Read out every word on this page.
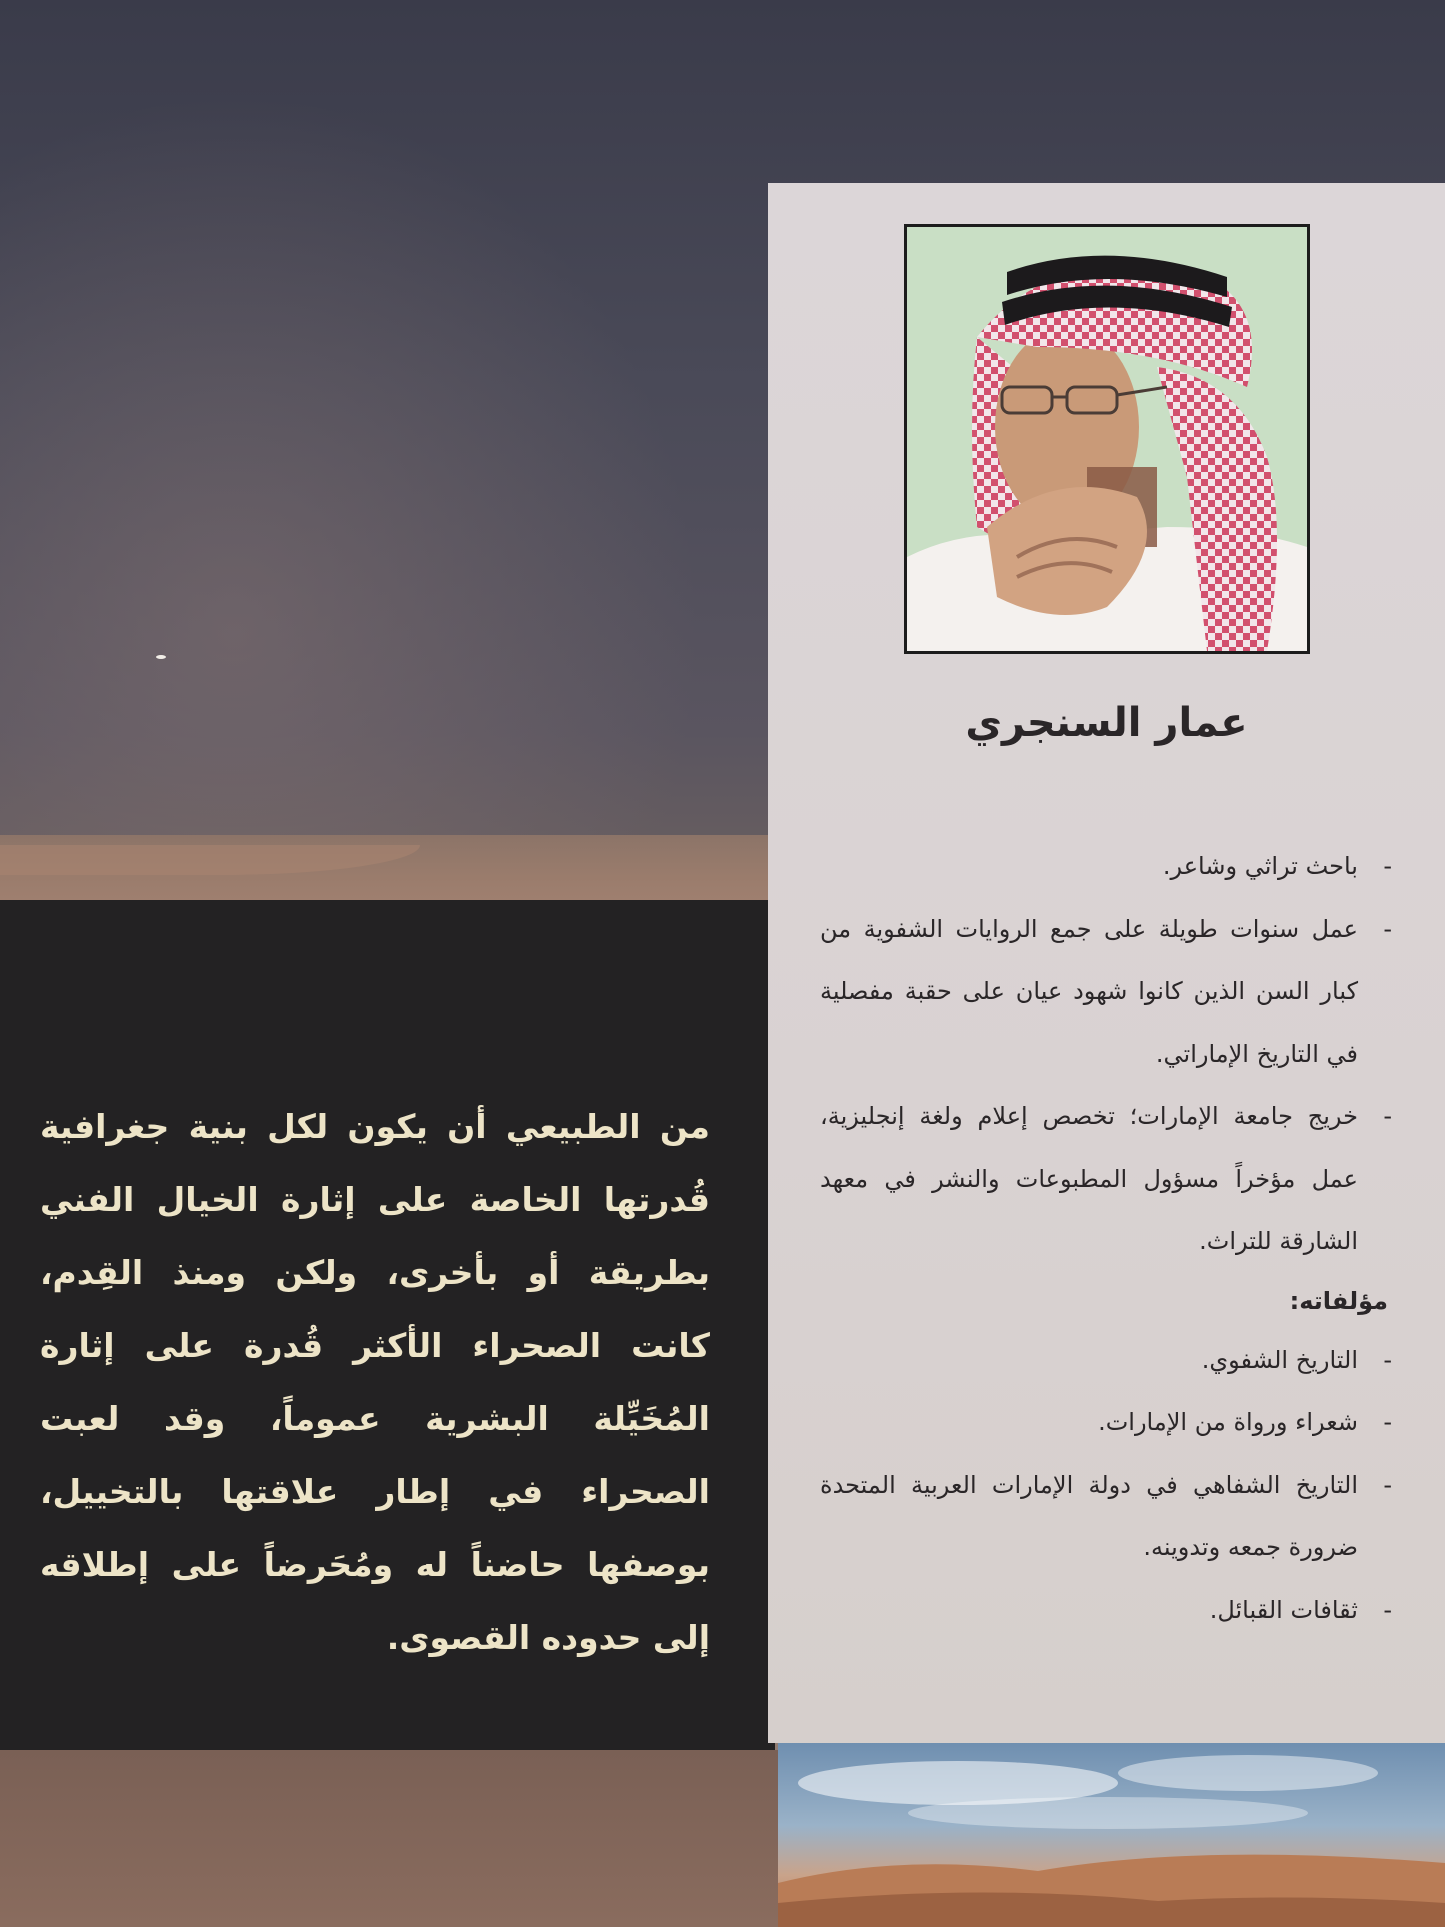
من الطبيعي أن يكون لكل بنية جغرافية قُدرتها الخاصة على إثارة الخيال الفني بطريقة أو بأخرى، ولكن ومنذ القِدم، كانت الصحراء الأكثر قُدرة على إثارة المُخَيِّلة البشرية عموماً، وقد لعبت الصحراء في إطار علاقتها بالتخييل، بوصفها حاضناً له ومُحَرضاً على إطلاقه إلى حدوده القصوى.
عمار السنجري
-
باحث تراثي وشاعر.
-
عمل سنوات طويلة على جمع الروايات الشفوية من كبار السن الذين كانوا شهود عيان على حقبة مفصلية في التاريخ الإماراتي.
-
خريج جامعة الإمارات؛ تخصص إعلام ولغة إنجليزية، عمل مؤخراً مسؤول المطبوعات والنشر في معهد الشارقة للتراث.
مؤلفاته:
-
التاريخ الشفوي.
-
شعراء ورواة من الإمارات.
-
التاريخ الشفاهي في دولة الإمارات العربية المتحدة ضرورة جمعه وتدوينه.
-
ثقافات القبائل.
